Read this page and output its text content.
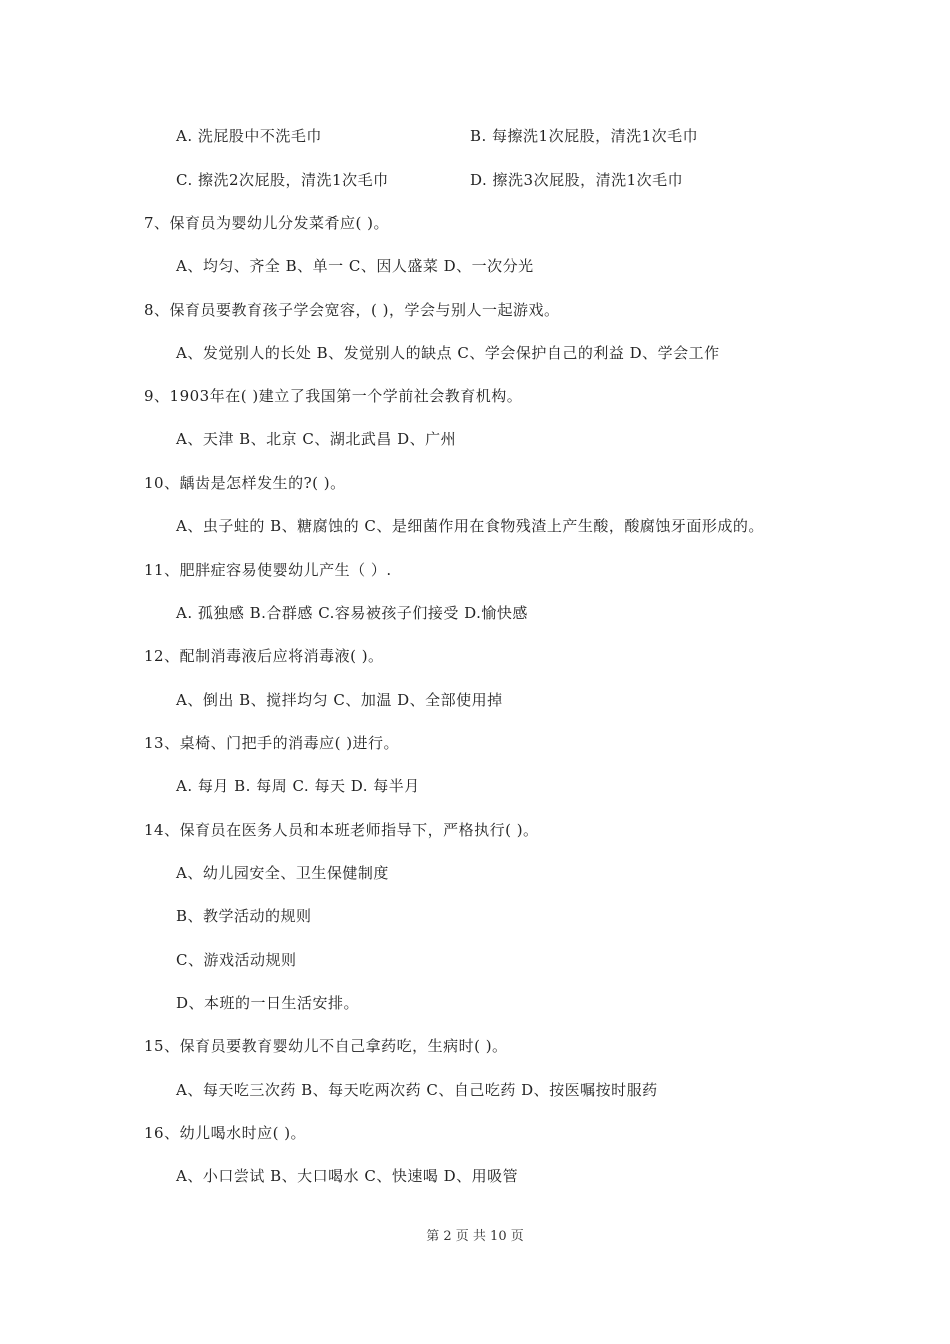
A. 洗屁股中不洗毛巾	B. 每擦洗1次屁股，清洗1次毛巾
C. 擦洗2次屁股，清洗1次毛巾	D. 擦洗3次屁股，清洗1次毛巾
7、保育员为婴幼儿分发菜肴应( )。
A、均匀、齐全 B、单一 C、因人盛菜 D、一次分光
8、保育员要教育孩子学会宽容，( )，学会与别人一起游戏。
A、发觉别人的长处 B、发觉别人的缺点 C、学会保护自己的利益 D、学会工作
9、1903年在( )建立了我国第一个学前社会教育机构。
A、天津 B、北京 C、湖北武昌 D、广州
10、龋齿是怎样发生的?( )。
A、虫子蛀的 B、糖腐蚀的 C、是细菌作用在食物残渣上产生酸，酸腐蚀牙面形成的。
11、肥胖症容易使婴幼儿产生（ ）.
A. 孤独感 B.合群感 C.容易被孩子们接受 D.愉快感
12、配制消毒液后应将消毒液( )。
A、倒出 B、搅拌均匀 C、加温 D、全部使用掉
13、桌椅、门把手的消毒应( )进行。
A. 每月 B. 每周 C. 每天 D. 每半月
14、保育员在医务人员和本班老师指导下，严格执行( )。
A、幼儿园安全、卫生保健制度
B、教学活动的规则
C、游戏活动规则
D、本班的一日生活安排。
15、保育员要教育婴幼儿不自己拿药吃，生病时( )。
A、每天吃三次药 B、每天吃两次药 C、自己吃药 D、按医嘱按时服药
16、幼儿喝水时应( )。
A、小口尝试 B、大口喝水 C、快速喝 D、用吸管
第 2 页 共 10 页
